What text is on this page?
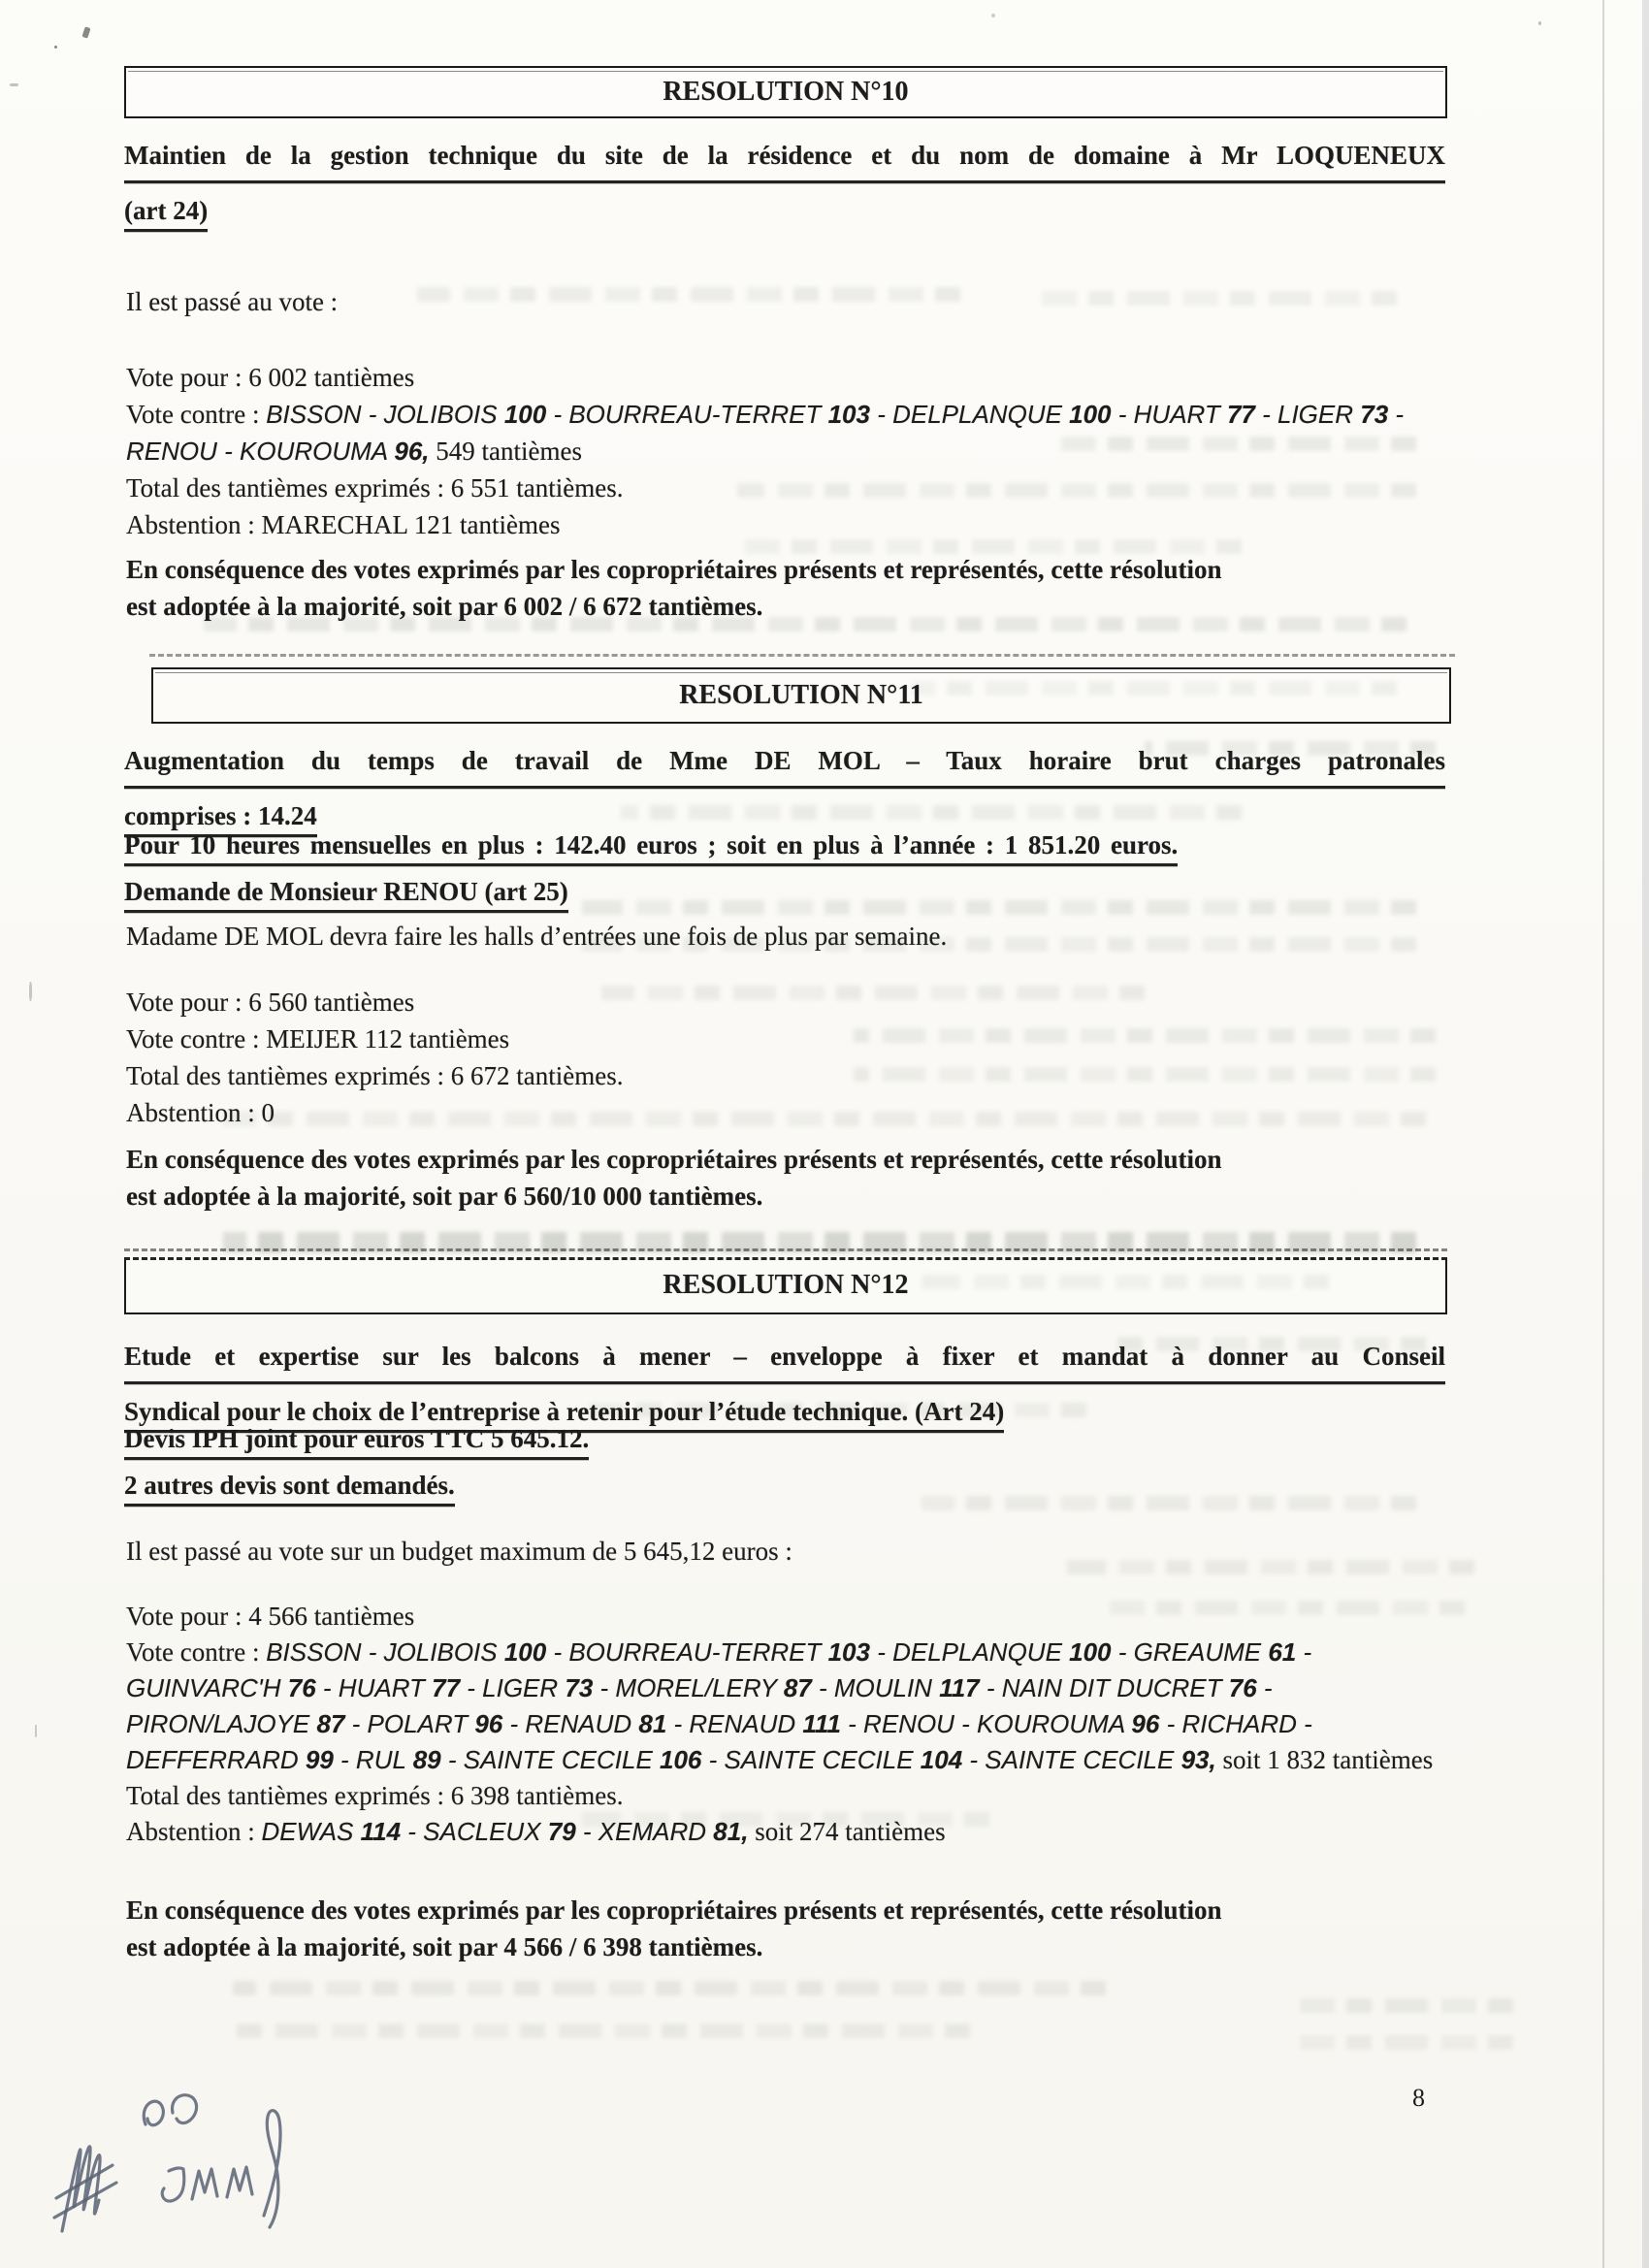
RESOLUTION N°10
Maintien de la gestion technique du site de la résidence et du nom de domaine à Mr LOQUENEUX
(art 24)
Il est passé au vote :
Vote pour : 6 002 tantièmes

Vote contre : BISSON - JOLIBOIS 100 - BOURREAU-TERRET 103 - DELPLANQUE 100 - HUART 77 - LIGER 73 - RENOU - KOUROUMA 96, 549 tantièmes

Total des tantièmes exprimés : 6 551 tantièmes.
Abstention : MARECHAL 121 tantièmes
En conséquence des votes exprimés par les copropriétaires présents et représentés, cette résolution
est adoptée à la majorité, soit par 6 002 / 6 672 tantièmes.
RESOLUTION N°11
Augmentation du temps de travail de Mme DE MOL – Taux horaire brut charges patronales
comprises : 14.24
Pour 10 heures mensuelles en plus : 142.40 euros ; soit en plus à l’année : 1 851.20 euros.
Demande de Monsieur RENOU (art 25)
Madame DE MOL devra faire les halls d’entrées une fois de plus par semaine.
Vote pour : 6 560 tantièmes
Vote contre : MEIJER 112 tantièmes
Total des tantièmes exprimés : 6 672 tantièmes.
Abstention : 0
En conséquence des votes exprimés par les copropriétaires présents et représentés, cette résolution
est adoptée à la majorité, soit par 6 560/10 000 tantièmes.
RESOLUTION N°12
Etude et expertise sur les balcons à mener – enveloppe à fixer et mandat à donner au Conseil
Syndical pour le choix de l’entreprise à retenir pour l’étude technique. (Art 24)
Devis IPH joint pour euros TTC 5 645.12.
2 autres devis sont demandés.
Il est passé au vote sur un budget maximum de 5 645,12 euros :
Vote pour : 4 566 tantièmes

Vote contre : BISSON - JOLIBOIS 100 - BOURREAU-TERRET 103 - DELPLANQUE 100 - GREAUME 61 - GUINVARC'H 76 - HUART 77 - LIGER 73 - MOREL/LERY 87 - MOULIN 117 - NAIN DIT DUCRET 76 - PIRON/LAJOYE 87 - POLART 96 - RENAUD 81 - RENAUD 111 - RENOU - KOUROUMA 96 - RICHARD - DEFFERRARD 99 - RUL 89 - SAINTE CECILE 106 - SAINTE CECILE 104 - SAINTE CECILE 93, soit 1 832 tantièmes

Total des tantièmes exprimés : 6 398 tantièmes.

Abstention : DEWAS 114 - SACLEUX 79 - XEMARD 81, soit 274 tantièmes

En conséquence des votes exprimés par les copropriétaires présents et représentés, cette résolution
est adoptée à la majorité, soit par 4 566 / 6 398 tantièmes.
8
